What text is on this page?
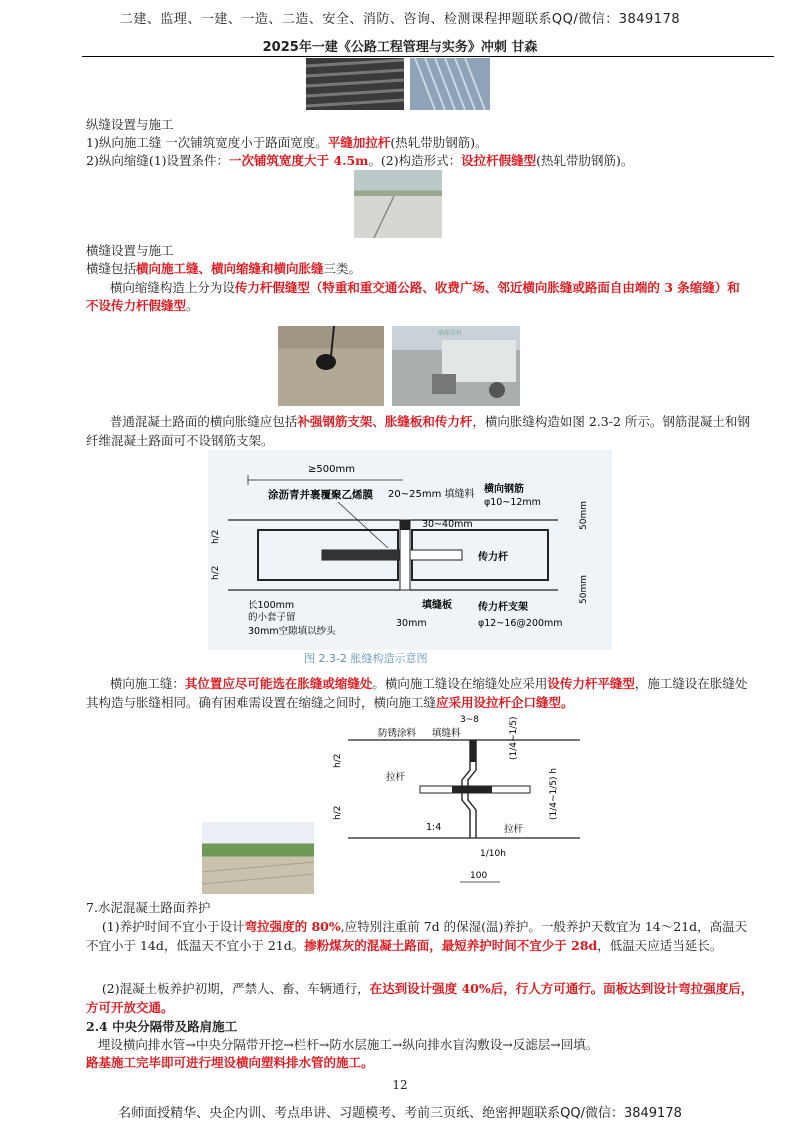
二建、监理、一建、一造、二造、安全、消防、咨询、检测课程押题联系QQ/微信：3849178
2025年一建《公路工程管理与实务》冲刺 甘森
纵缝设置与施工
1)纵向施工缝 一次铺筑宽度小于路面宽度。平缝加拉杆(热轧带肋钢筋)。
2)纵向缩缝(1)设置条件：一次铺筑宽度大于 4.5m。(2)构造形式：设拉杆假缝型(热轧带肋钢筋)。
横缝设置与施工
横缝包括横向施工缝、横向缩缝和横向胀缝三类。
横向缩缝构造上分为设传力杆假缝型（特重和重交通公路、收费广场、邻近横向胀缝或路面自由端的 3 条缩缝）和不设传力杆假缝型。
确保质料
普通混凝土路面的横向胀缝应包括补强钢筋支架、胀缝板和传力杆，横向胀缝构造如图 2.3-2 所示。钢筋混凝土和钢纤维混凝土路面可不设钢筋支架。
≥500mm
涂沥青并裹覆聚乙烯膜 20~25mm 填缝料 横向钢筋
φ10~12mm
30~40mm	50mm
50mm
传力杆
h/2
h/2
长100mm
的小套子留
30mm空隙填以纱头
填缝板
30mm
传力杆支架
φ12~16@200mm
图 2.3-2 胀缝构造示意图
横向施工缝：其位置应尽可能选在胀缝或缩缝处。横向施工缝设在缩缝处应采用设传力杆平缝型，施工缝设在胀缝处其构造与胀缝相同。确有困难需设置在缩缝之间时，横向施工缝应采用设拉杆企口缝型。
3~8
防锈涂料 填缝料	(1/4~1/5)
拉杆
拉杆
h/2
h/2	(1/4~1/5) h
1:4
1/10h
100
7.水泥混凝土路面养护
(1)养护时间不宜小于设计弯拉强度的 80%,应特别注重前 7d 的保湿(温)养护。一般养护天数宜为 14～21d，高温天不宜小于 14d，低温天不宜小于 21d。掺粉煤灰的混凝土路面，最短养护时间不宜少于 28d，低温天应适当延长。
(2)混凝土板养护初期，严禁人、畜、车辆通行，在达到设计强度 40%后，行人方可通行。面板达到设计弯拉强度后，方可开放交通。
2.4 中央分隔带及路肩施工
埋设横向排水管→中央分隔带开挖→栏杆→防水层施工→纵向排水盲沟敷设→反滤层→回填。
路基施工完毕即可进行埋设横向塑料排水管的施工。
12
名师面授精华、央企内训、考点串讲、习题模考、考前三页纸、绝密押题联系QQ/微信：3849178
